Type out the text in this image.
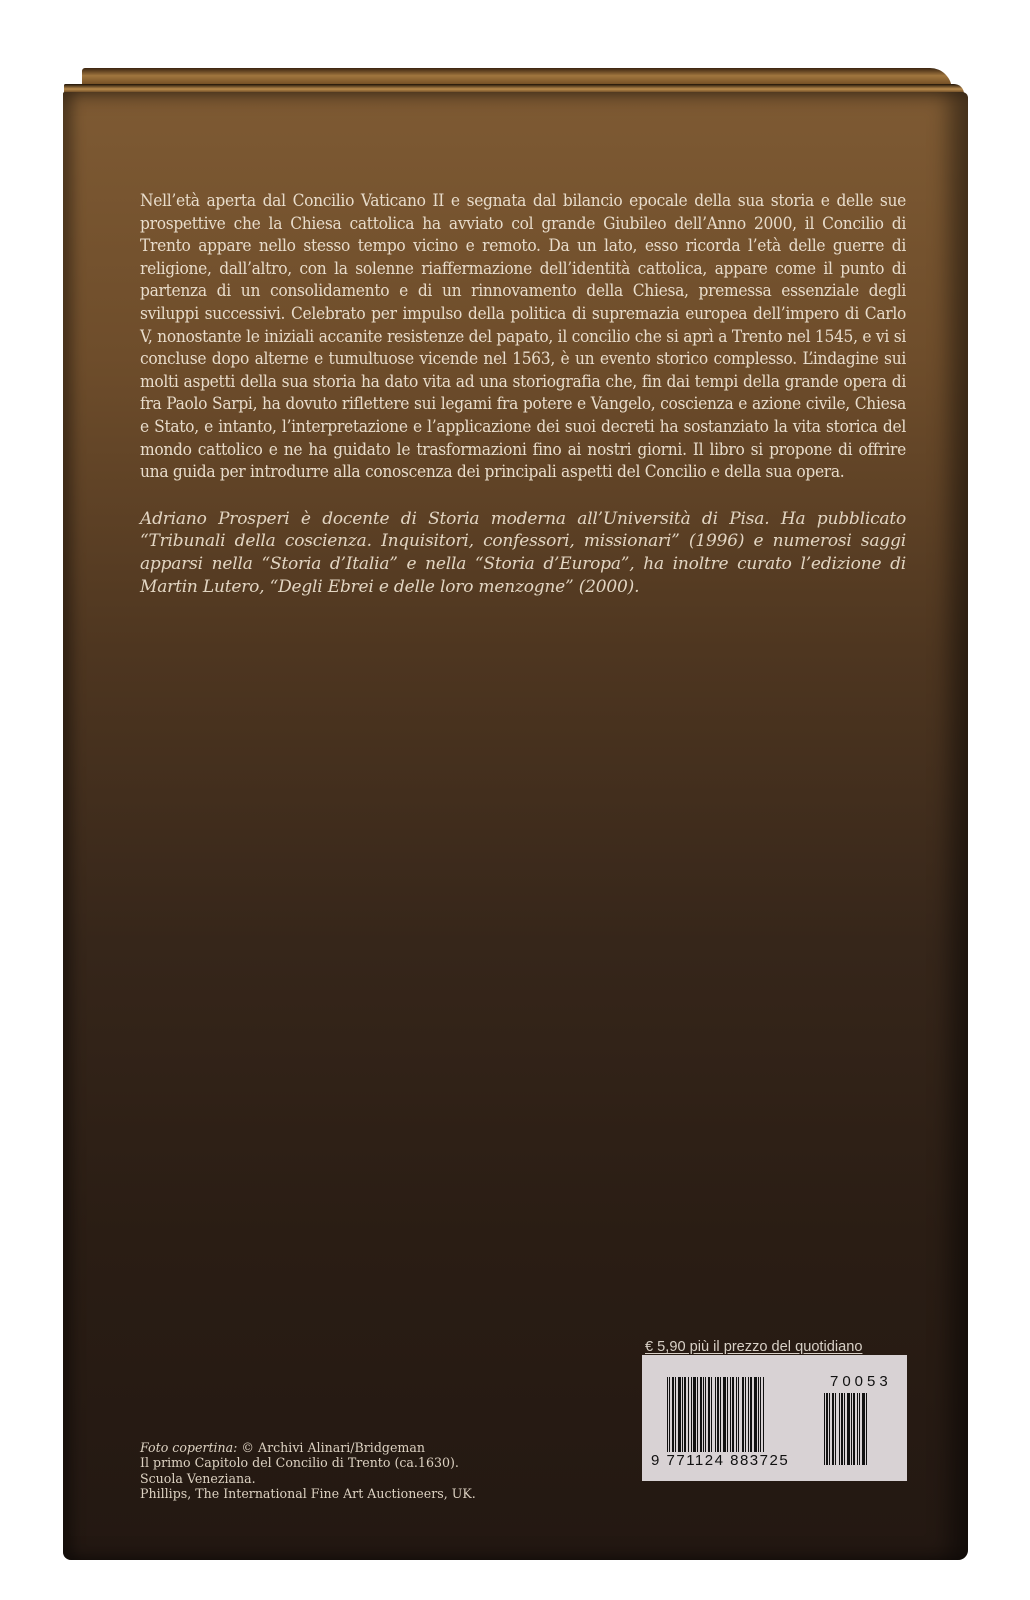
Nell’età aperta dal Concilio Vaticano II e segnata dal bilancio epocale della sua storia e delle sue prospettive che la Chiesa cattolica ha avviato col grande Giubileo dell’Anno 2000, il Concilio di Trento appare nello stesso tempo vicino e remoto. Da un lato, esso ricorda l’età delle guerre di religione, dall’altro, con la solenne riaffermazione dell’identità cattolica, appare come il punto di partenza di un consolidamento e di un rinnovamento della Chiesa, premessa essenziale degli sviluppi successivi. Celebrato per impulso della politica di supremazia europea dell’impero di Carlo V, nonostante le iniziali accanite resistenze del papato, il concilio che si aprì a Trento nel 1545, e vi si concluse dopo alterne e tumultuose vicende nel 1563, è un evento storico complesso. L’indagine sui molti aspetti della sua storia ha dato vita ad una storiografia che, fin dai tempi della grande opera di fra Paolo Sarpi, ha dovuto riflettere sui legami fra potere e Vangelo, coscienza e azione civile, Chiesa e Stato, e intanto, l’interpretazione e l’applicazione dei suoi decreti ha sostanziato la vita storica del mondo cattolico e ne ha guidato le trasformazioni fino ai nostri giorni. Il libro si propone di offrire una guida per introdurre alla conoscenza dei principali aspetti del Concilio e della sua opera.

Adriano Prosperi è docente di Storia moderna all’Università di Pisa. Ha pubblicato “Tribunali della coscienza. Inquisitori, confessori, missionari” (1996) e numerosi saggi apparsi nella “Storia d’Italia” e nella “Storia d’Europa”, ha inoltre curato l’edizione di Martin Lutero, “Degli Ebrei e delle loro menzogne” (2000).

Foto copertina: © Archivi Alinari/Bridgeman
Il primo Capitolo del Concilio di Trento (ca.1630).
Scuola Veneziana.
Phillips, The International Fine Art Auctioneers, UK.
€ 5,90 più il prezzo del quotidiano
70053
9 771124 883725
